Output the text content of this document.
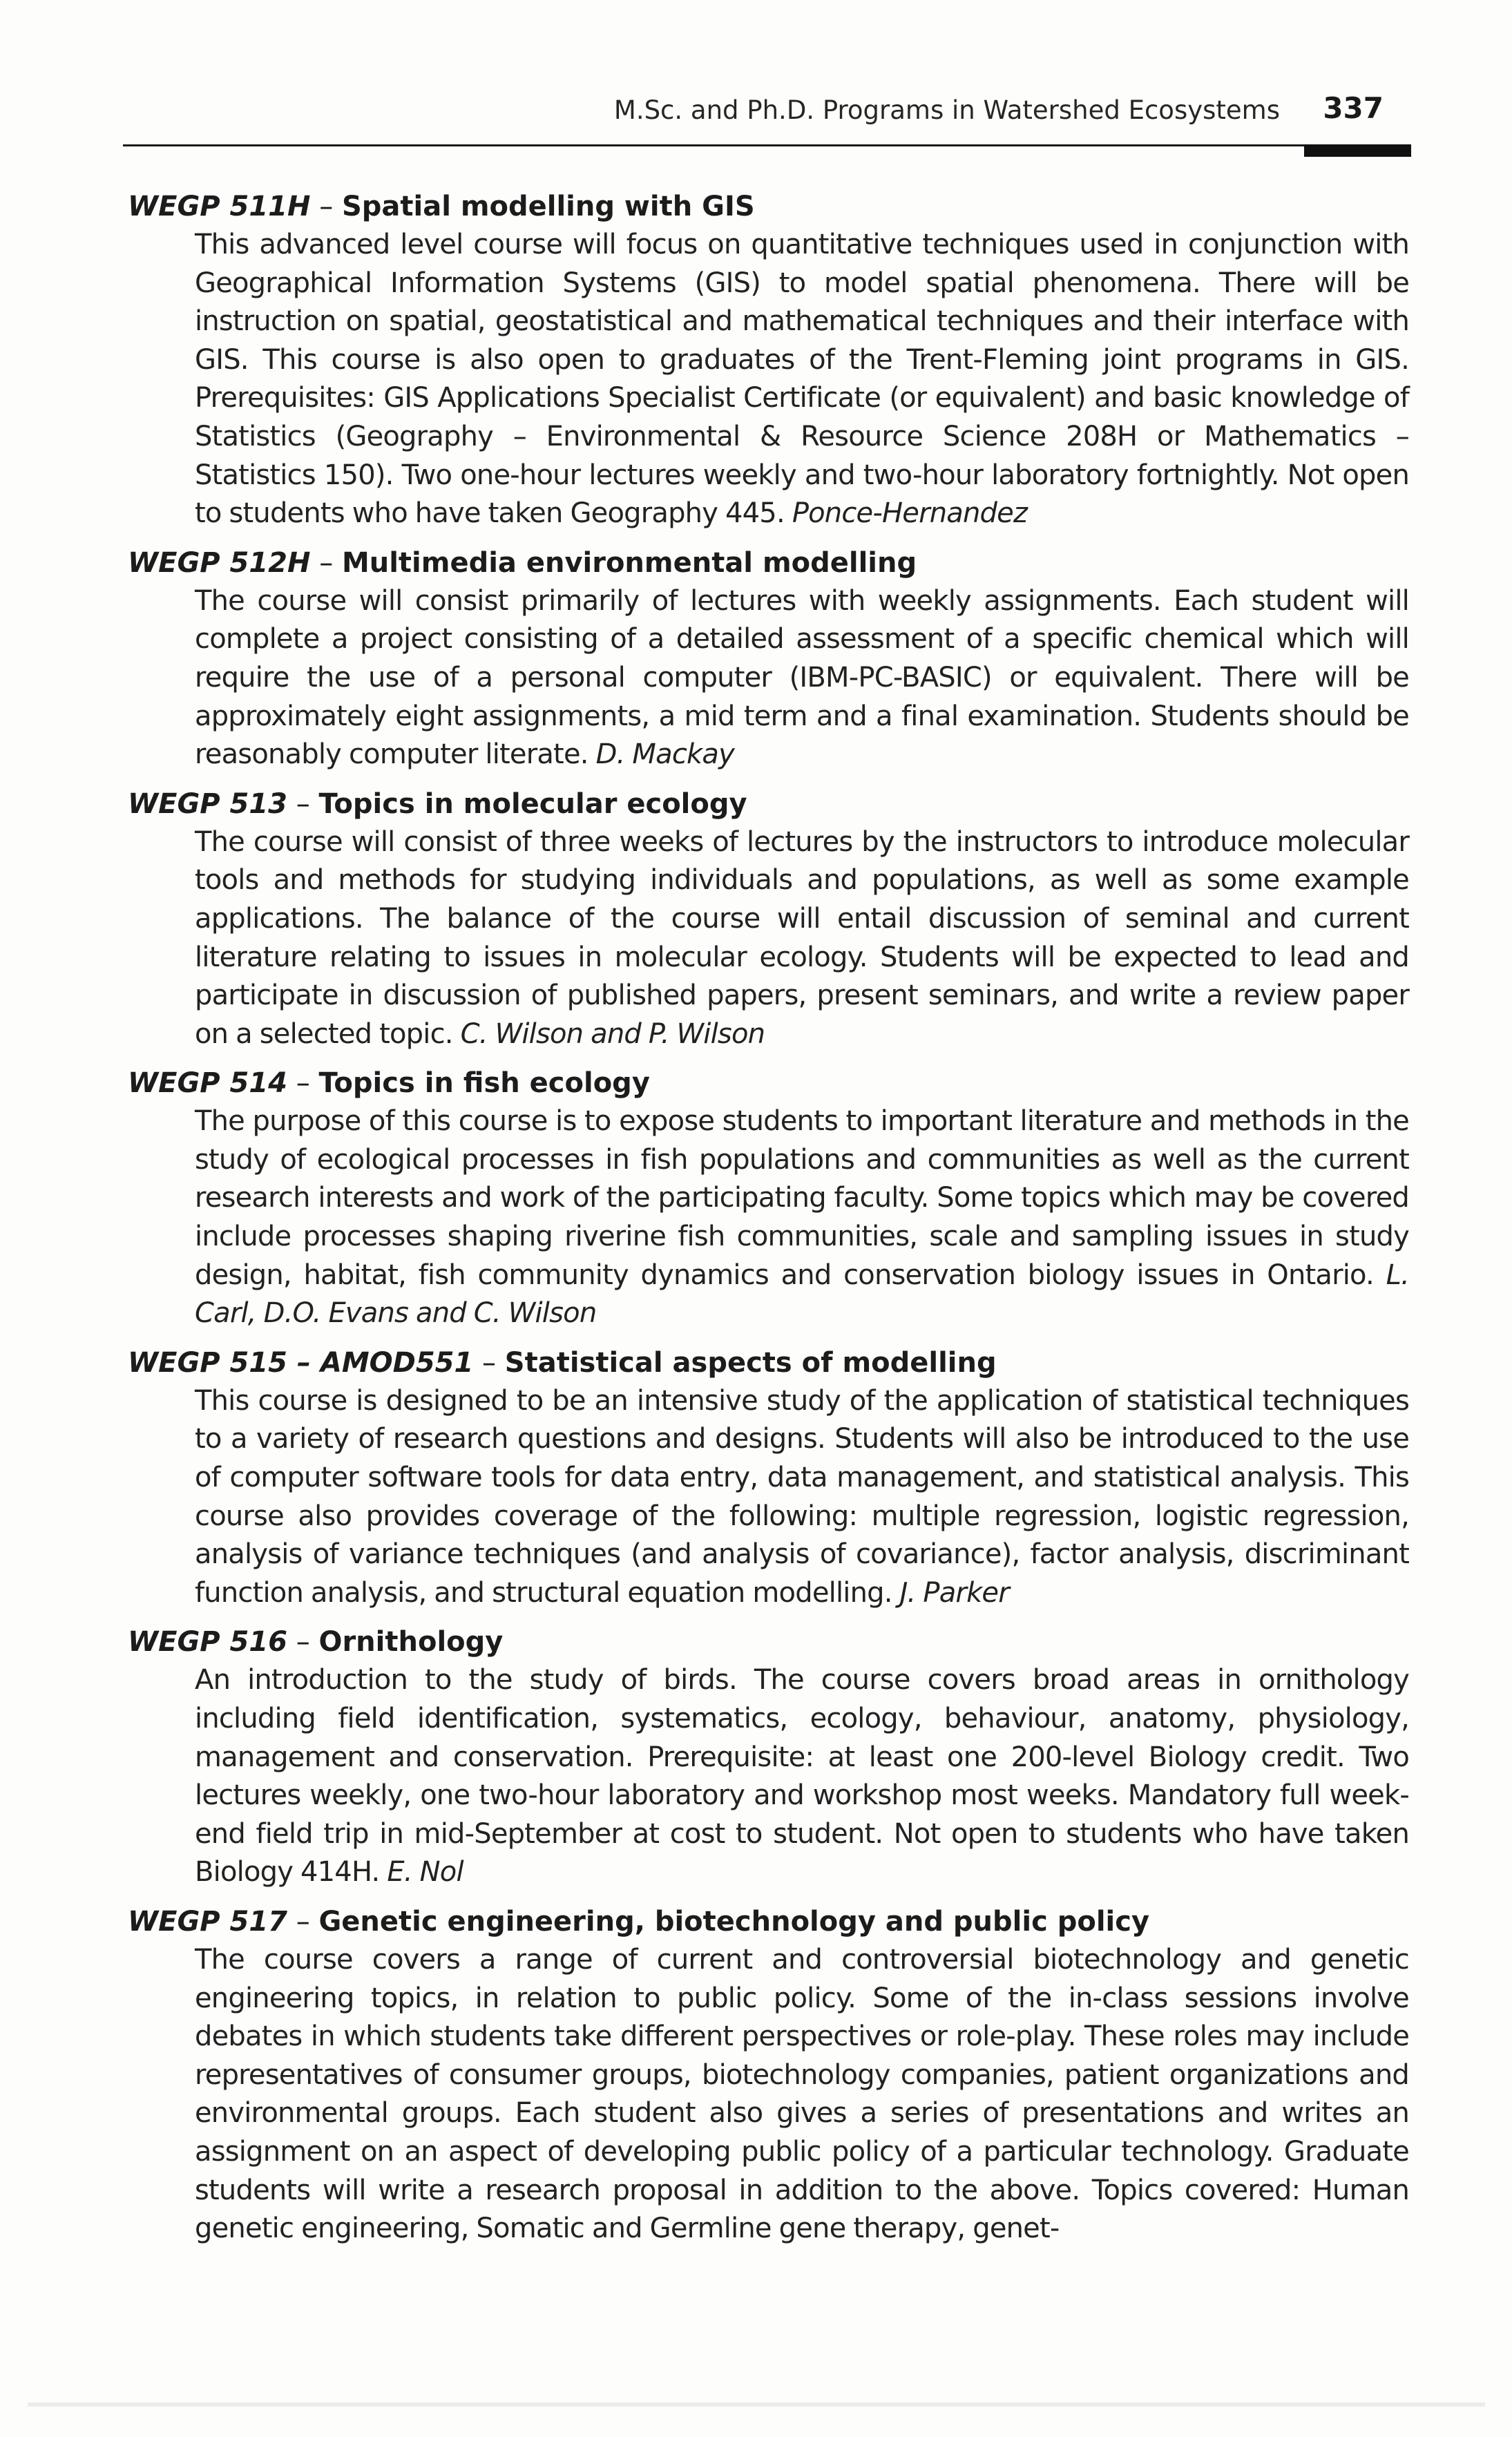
M.Sc. and Ph.D. Programs in Watershed Ecosystems 337
WEGP 511H – Spatial modelling with GIS
This advanced level course will focus on quantitative techniques used in conjunction with Geographical Information Systems (GIS) to model spatial phenomena. There will be instruction on spatial, geostatistical and mathematical techniques and their interface with GIS. This course is also open to graduates of the Trent-Fleming joint programs in GIS. Prerequisites: GIS Applications Specialist Certificate (or equivalent) and basic knowledge of Statistics (Geography – Environmental & Resource Science 208H or Mathematics – Statistics 150). Two one-hour lectures weekly and two-hour laboratory fortnightly. Not open to students who have taken Geography 445. Ponce-Hernandez
WEGP 512H – Multimedia environmental modelling
The course will consist primarily of lectures with weekly assignments. Each student will complete a project consisting of a detailed assessment of a specific chemical which will require the use of a personal computer (IBM-PC-BASIC) or equivalent. There will be approximately eight assignments, a mid term and a final examination. Students should be reasonably computer literate. D. Mackay
WEGP 513 – Topics in molecular ecology
The course will consist of three weeks of lectures by the instructors to introduce molecular tools and methods for studying individuals and populations, as well as some example applications. The balance of the course will entail discussion of seminal and current literature relating to issues in molecular ecology. Students will be expected to lead and participate in discussion of published papers, present seminars, and write a review paper on a selected topic. C. Wilson and P. Wilson
WEGP 514 – Topics in fish ecology
The purpose of this course is to expose students to important literature and methods in the study of ecological processes in fish populations and communities as well as the current research interests and work of the participating faculty. Some topics which may be covered include processes shaping riverine fish communities, scale and sampling issues in study design, habitat, fish community dynamics and conservation biology issues in Ontario. L. Carl, D.O. Evans and C. Wilson
WEGP 515 – AMOD551 – Statistical aspects of modelling
This course is designed to be an intensive study of the application of statistical techniques to a variety of research questions and designs. Students will also be introduced to the use of computer software tools for data entry, data management, and statistical analysis. This course also provides coverage of the following: multiple regression, logistic regression, analysis of variance techniques (and analysis of covariance), factor analysis, discriminant function analysis, and structural equation modelling. J. Parker
WEGP 516 – Ornithology
An introduction to the study of birds. The course covers broad areas in ornithology including field identification, systematics, ecology, behaviour, anatomy, physiology, management and conservation. Prerequisite: at least one 200-level Biology credit. Two lectures weekly, one two-hour laboratory and workshop most weeks. Mandatory full week-end field trip in mid-September at cost to student. Not open to students who have taken Biology 414H. E. Nol
WEGP 517 – Genetic engineering, biotechnology and public policy
The course covers a range of current and controversial biotechnology and genetic engineering topics, in relation to public policy. Some of the in-class sessions involve debates in which students take different perspectives or role-play. These roles may include representatives of consumer groups, biotechnology companies, patient organizations and environmental groups. Each student also gives a series of presentations and writes an assignment on an aspect of developing public policy of a particular technology. Graduate students will write a research proposal in addition to the above. Topics covered: Human genetic engineering, Somatic and Germline gene therapy, genet-
